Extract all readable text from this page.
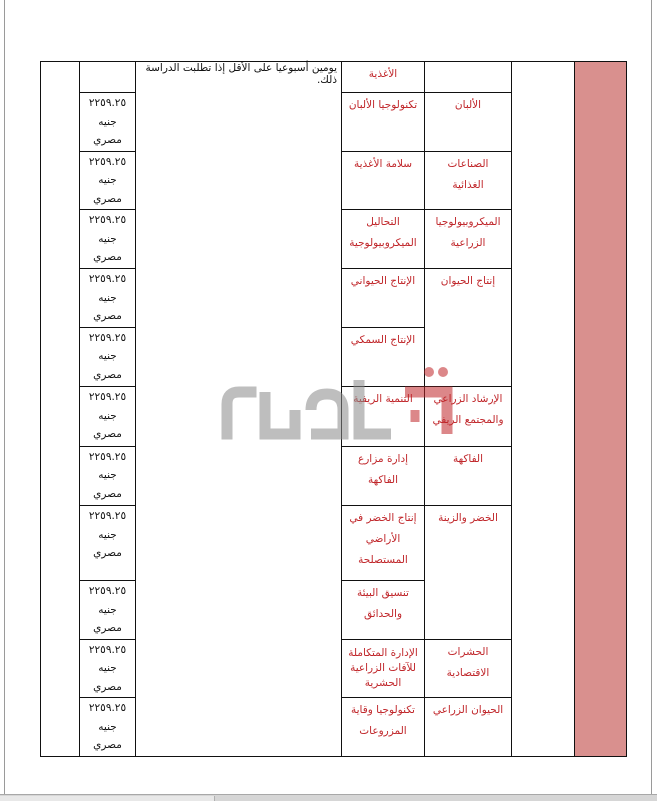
			الأغذية	يومين أسبوعيا على الأقل إذا تطلبت الدراسة ذلك.		

		الألبان	تكنولوجيا الألبان		٢٢٥٩.٢٥
جنيه
مصري	

		الصناعات الغذائية	سلامة الأغذية		٢٢٥٩.٢٥
جنيه
مصري	

		الميكروبيولوجيا الزراعية	التحاليل الميكروبيولوجية		٢٢٥٩.٢٥
جنيه
مصري	

		إنتاج الحيوان	الإنتاج الحيواني		٢٢٥٩.٢٥
جنيه
مصري	

			الإنتاج السمكي		٢٢٥٩.٢٥
جنيه
مصري	

		الإرشاد الزراعي والمجتمع الريفي	التنمية الريفية		٢٢٥٩.٢٥
جنيه
مصري	

		الفاكهة	إدارة مزارع الفاكهة		٢٢٥٩.٢٥
جنيه
مصري	

		الخضر والزينة	إنتاج الخضر في الأراضي المستصلحة		٢٢٥٩.٢٥
جنيه
مصري	

			تنسيق البيئة والحدائق		٢٢٥٩.٢٥
جنيه
مصري	

		الحشرات الاقتصادية	الإدارة المتكاملة للآفات الزراعية الحشرية		٢٢٥٩.٢٥
جنيه
مصري	

		الحيوان الزراعي	تكنولوجيا وقاية المزروعات		٢٢٥٩.٢٥
جنيه
مصري	
